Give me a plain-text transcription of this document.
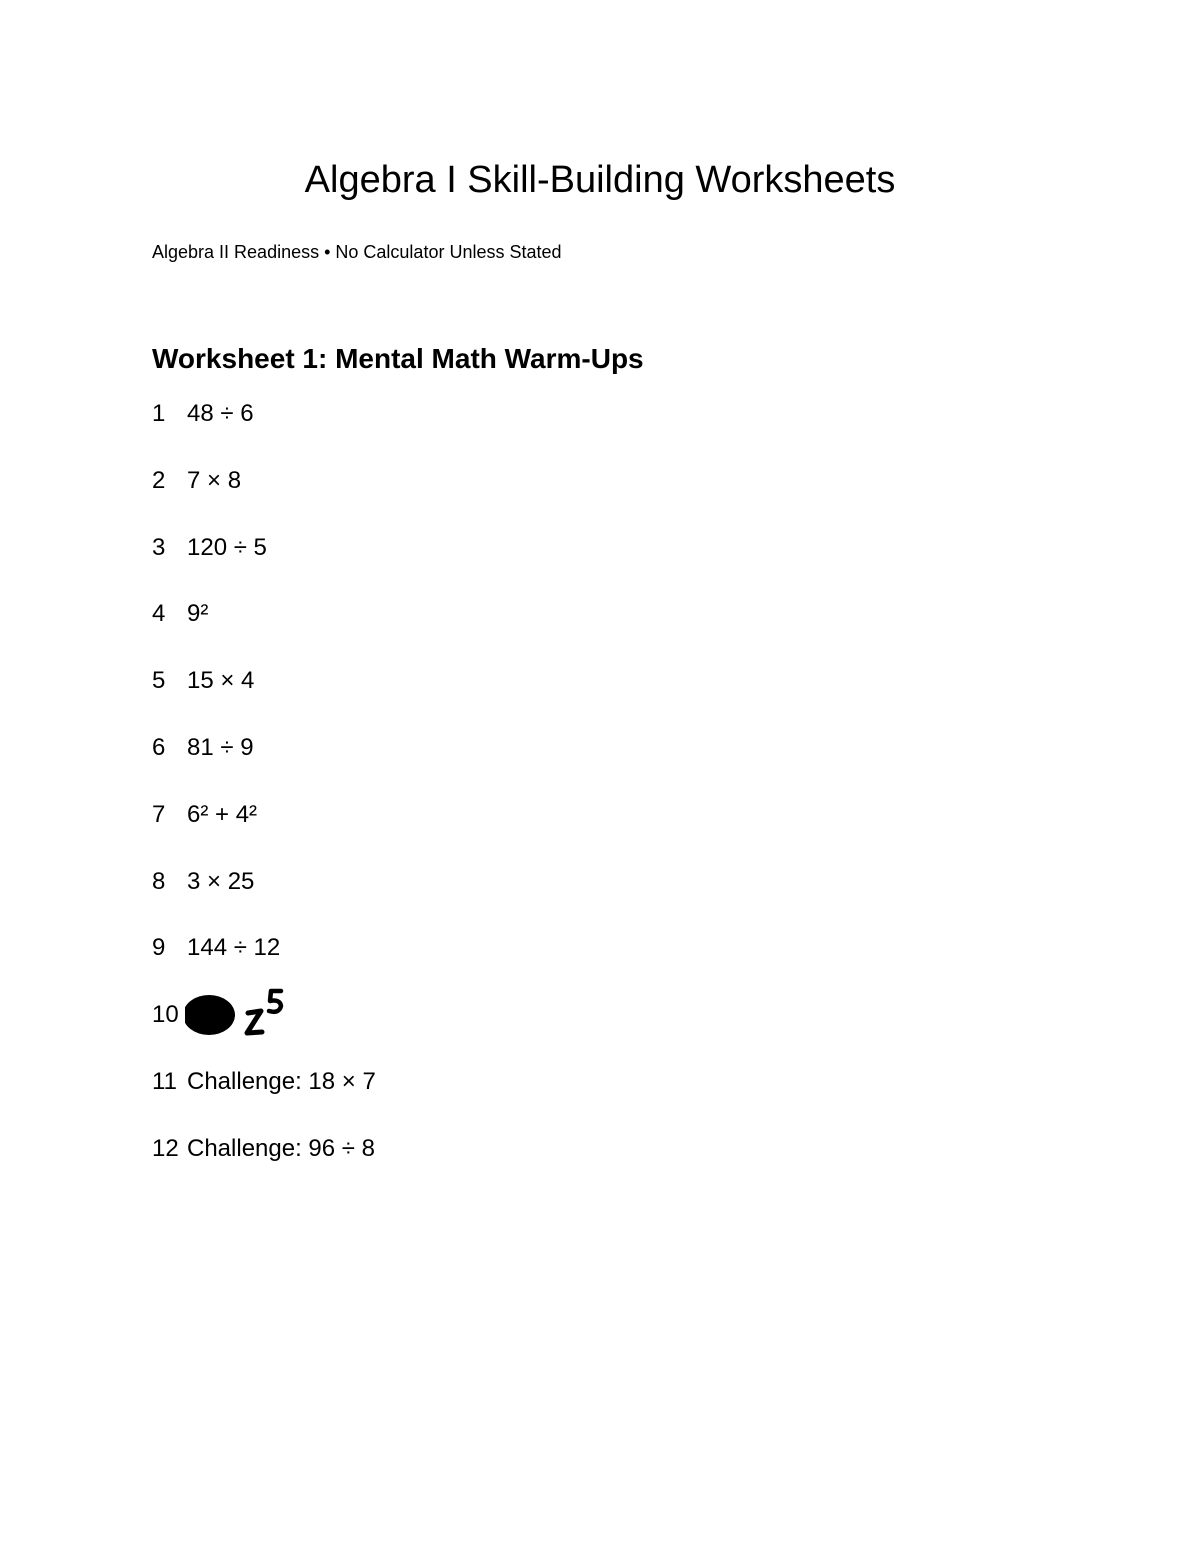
Algebra I Skill-Building Worksheets

Algebra II Readiness • No Calculator Unless Stated

Worksheet 1: Mental Math Warm-Ups
1 48 ÷ 6
2 7 × 8
3 120 ÷ 5
4 9²
5 15 × 4
6 81 ÷ 9
7 6² + 4²
8 3 × 25
9 144 ÷ 12
10
11 Challenge: 18 × 7
12 Challenge: 96 ÷ 8
